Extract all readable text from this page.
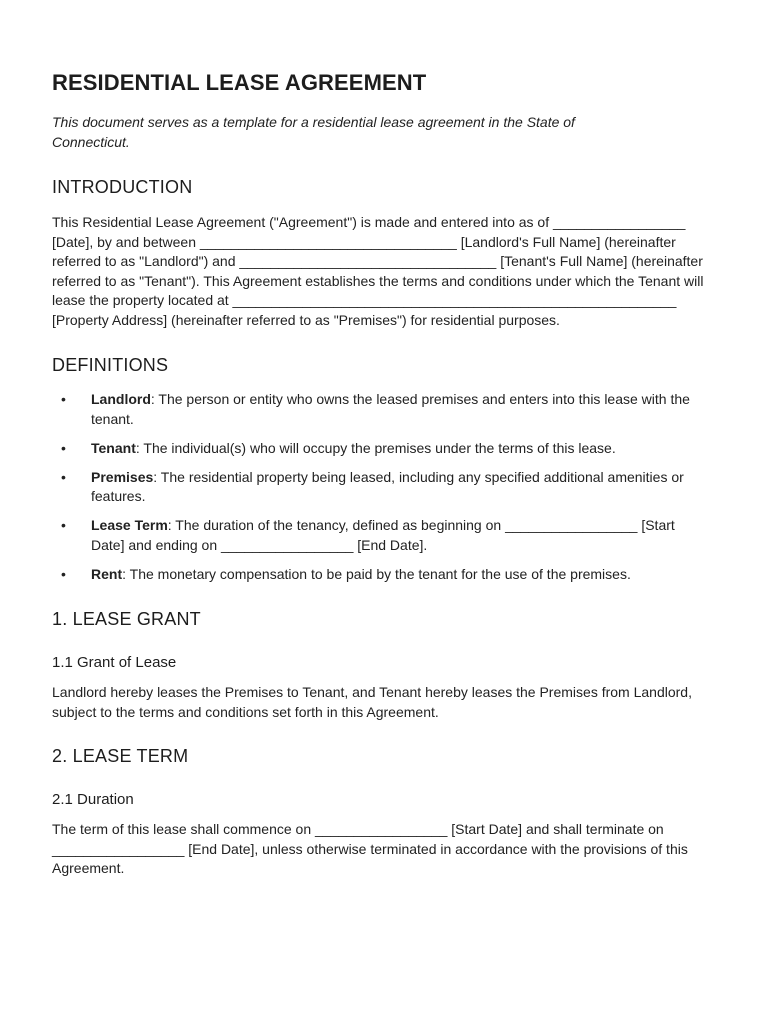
RESIDENTIAL LEASE AGREEMENT
This document serves as a template for a residential lease agreement in the State of Connecticut.
INTRODUCTION

This Residential Lease Agreement ("Agreement") is made and entered into as of _________________ [Date], by and between _________________________________ [Landlord's Full Name] (hereinafter referred to as "Landlord") and _________________________________ [Tenant's Full Name] (hereinafter referred to as "Tenant"). This Agreement establishes the terms and conditions under which the Tenant will lease the property located at _________________________________________________________ [Property Address] (hereinafter referred to as "Premises") for residential purposes.

DEFINITIONS
• Landlord: The person or entity who owns the leased premises and enters into this lease with the tenant.
• Tenant: The individual(s) who will occupy the premises under the terms of this lease.
• Premises: The residential property being leased, including any specified additional amenities or features.
• Lease Term: The duration of the tenancy, defined as beginning on _________________ [Start Date] and ending on _________________ [End Date].
• Rent: The monetary compensation to be paid by the tenant for the use of the premises.
1. LEASE GRANT
1.1 Grant of Lease

Landlord hereby leases the Premises to Tenant, and Tenant hereby leases the Premises from Landlord, subject to the terms and conditions set forth in this Agreement.

2. LEASE TERM
2.1 Duration

The term of this lease shall commence on _________________ [Start Date] and shall terminate on _________________ [End Date], unless otherwise terminated in accordance with the provisions of this Agreement.
